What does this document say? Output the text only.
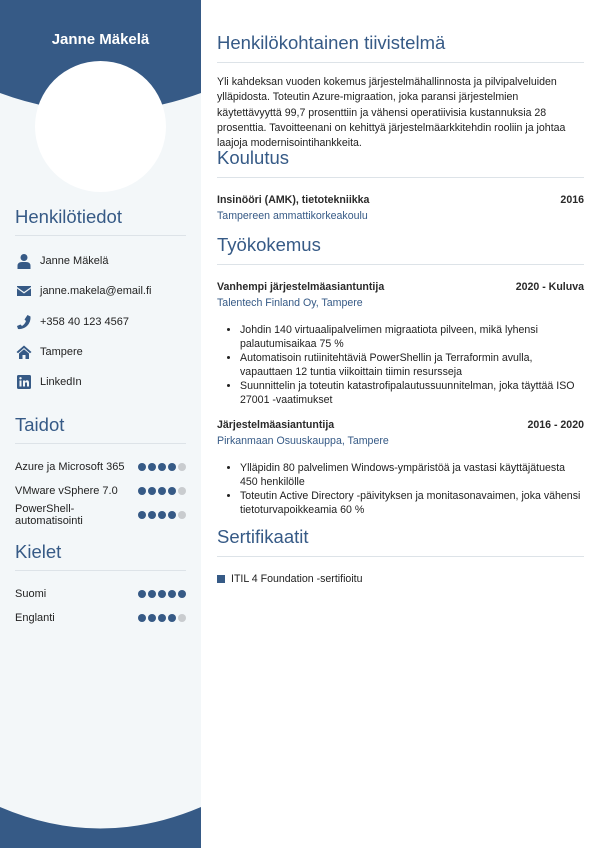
Janne Mäkelä
Henkilötiedot
Janne Mäkelä
janne.makela@email.fi
+358 40 123 4567
Tampere
LinkedIn
Taidot
Azure ja Microsoft 365
VMware vSphere 7.0
PowerShell-automatisointi
Kielet
Suomi
Englanti
Henkilökohtainen tiivistelmä

Yli kahdeksan vuoden kokemus järjestelmähallinnosta ja pilvipalveluiden ylläpidosta. Toteutin Azure-migraation, joka paransi järjestelmien käytettävyyttä 99,7 prosenttiin ja vähensi operatiivisia kustannuksia 28 prosenttia. Tavoitteenani on kehittyä järjestelmäarkkitehdin rooliin ja johtaa laajoja modernisointihankkeita.

Koulutus
Insinööri (AMK), tietotekniikka	2016
Tampereen ammattikorkeakoulu
Työkokemus
Vanhempi järjestelmäasiantuntija	2020 - Kuluva
Talentech Finland Oy, Tampere
• Johdin 140 virtuaalipalvelimen migraatiota pilveen, mikä lyhensi palautumisaikaa 75 %
• Automatisoin rutiinitehtäviä PowerShellin ja Terraformin avulla, vapauttaen 12 tuntia viikoittain tiimin resursseja
• Suunnittelin ja toteutin katastrofipalautussuunnitelman, joka täyttää ISO 27001 -vaatimukset
Järjestelmäasiantuntija	2016 - 2020
Pirkanmaan Osuuskauppa, Tampere
• Ylläpidin 80 palvelimen Windows-ympäristöä ja vastasi käyttäjätuesta 450 henkilölle
• Toteutin Active Directory -päivityksen ja monitasonavaimen, joka vähensi tietoturvapoikkeamia 60 %
Sertifikaatit
ITIL 4 Foundation -sertifioitu
